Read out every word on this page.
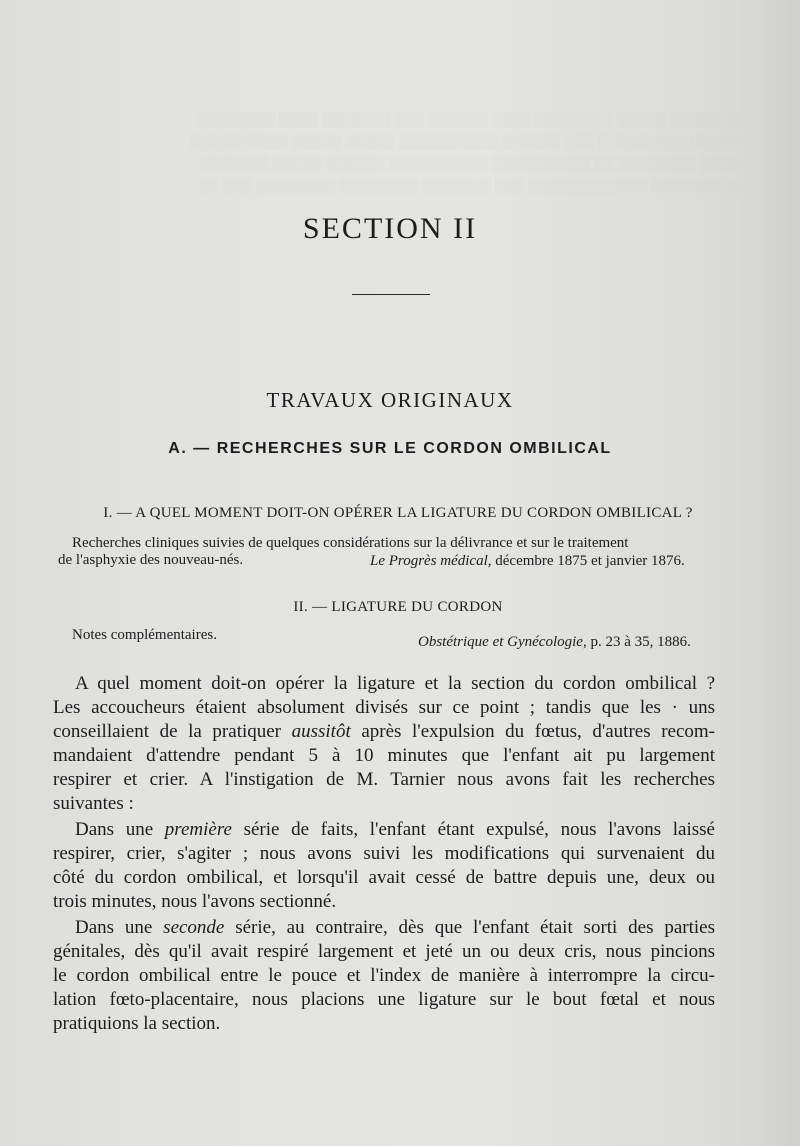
░░░░░░░ ░░░░░ ░░░░░░░░ ░░░░ ░░░░░░ ░░░ ░░░░░░░ ░░░░ ░░░░░░░░
░░░░░ ░░░░░░░░░ ░░░ ░░░░░░ ░░░░░░░░░░ ░░░░░ ░░░░░ ░░░░░░░░░░
░░░░ ░░░░░░░░ ░░ ░░░░░░░░░░ ░░░░░░░░░░ ░░░░░░ ░░░░░ ░░░░░░░
░░░░░░░░░ ░░░░░░░░░░░░ ░░░ ░░░░░░░ ░░░░░░░░ ░░░░░░░░ ░░░ ░░
SECTION II
TRAVAUX ORIGINAUX
A. — RECHERCHES SUR LE CORDON OMBILICAL
I. — A QUEL MOMENT DOIT-ON OPÉRER LA LIGATURE DU CORDON OMBILICAL ?
Recherches cliniques suivies de quelques considérations sur la délivrance et sur le traitement
de l'asphyxie des nouveau-nés.	Le Progrès médical, décembre 1875 et janvier 1876.
II. — LIGATURE DU CORDON
Notes complémentaires.	Obstétrique et Gynécologie, p. 23 à 35, 1886.
A quel moment doit-on opérer la ligature et la section du cordon ombilical ?
Les accoucheurs étaient absolument divisés sur ce point ; tandis que les · uns
conseillaient de la pratiquer aussitôt après l'expulsion du fœtus, d'autres recom-
mandaient d'attendre pendant 5 à 10 minutes que l'enfant ait pu largement
respirer et crier. A l'instigation de M. Tarnier nous avons fait les recherches
suivantes :
Dans une première série de faits, l'enfant étant expulsé, nous l'avons laissé
respirer, crier, s'agiter ; nous avons suivi les modifications qui survenaient du
côté du cordon ombilical, et lorsqu'il avait cessé de battre depuis une, deux ou
trois minutes, nous l'avons sectionné.
Dans une seconde série, au contraire, dès que l'enfant était sorti des parties
génitales, dès qu'il avait respiré largement et jeté un ou deux cris, nous pincions
le cordon ombilical entre le pouce et l'index de manière à interrompre la circu-
lation fœto-placentaire, nous placions une ligature sur le bout fœtal et nous
pratiquions la section.
